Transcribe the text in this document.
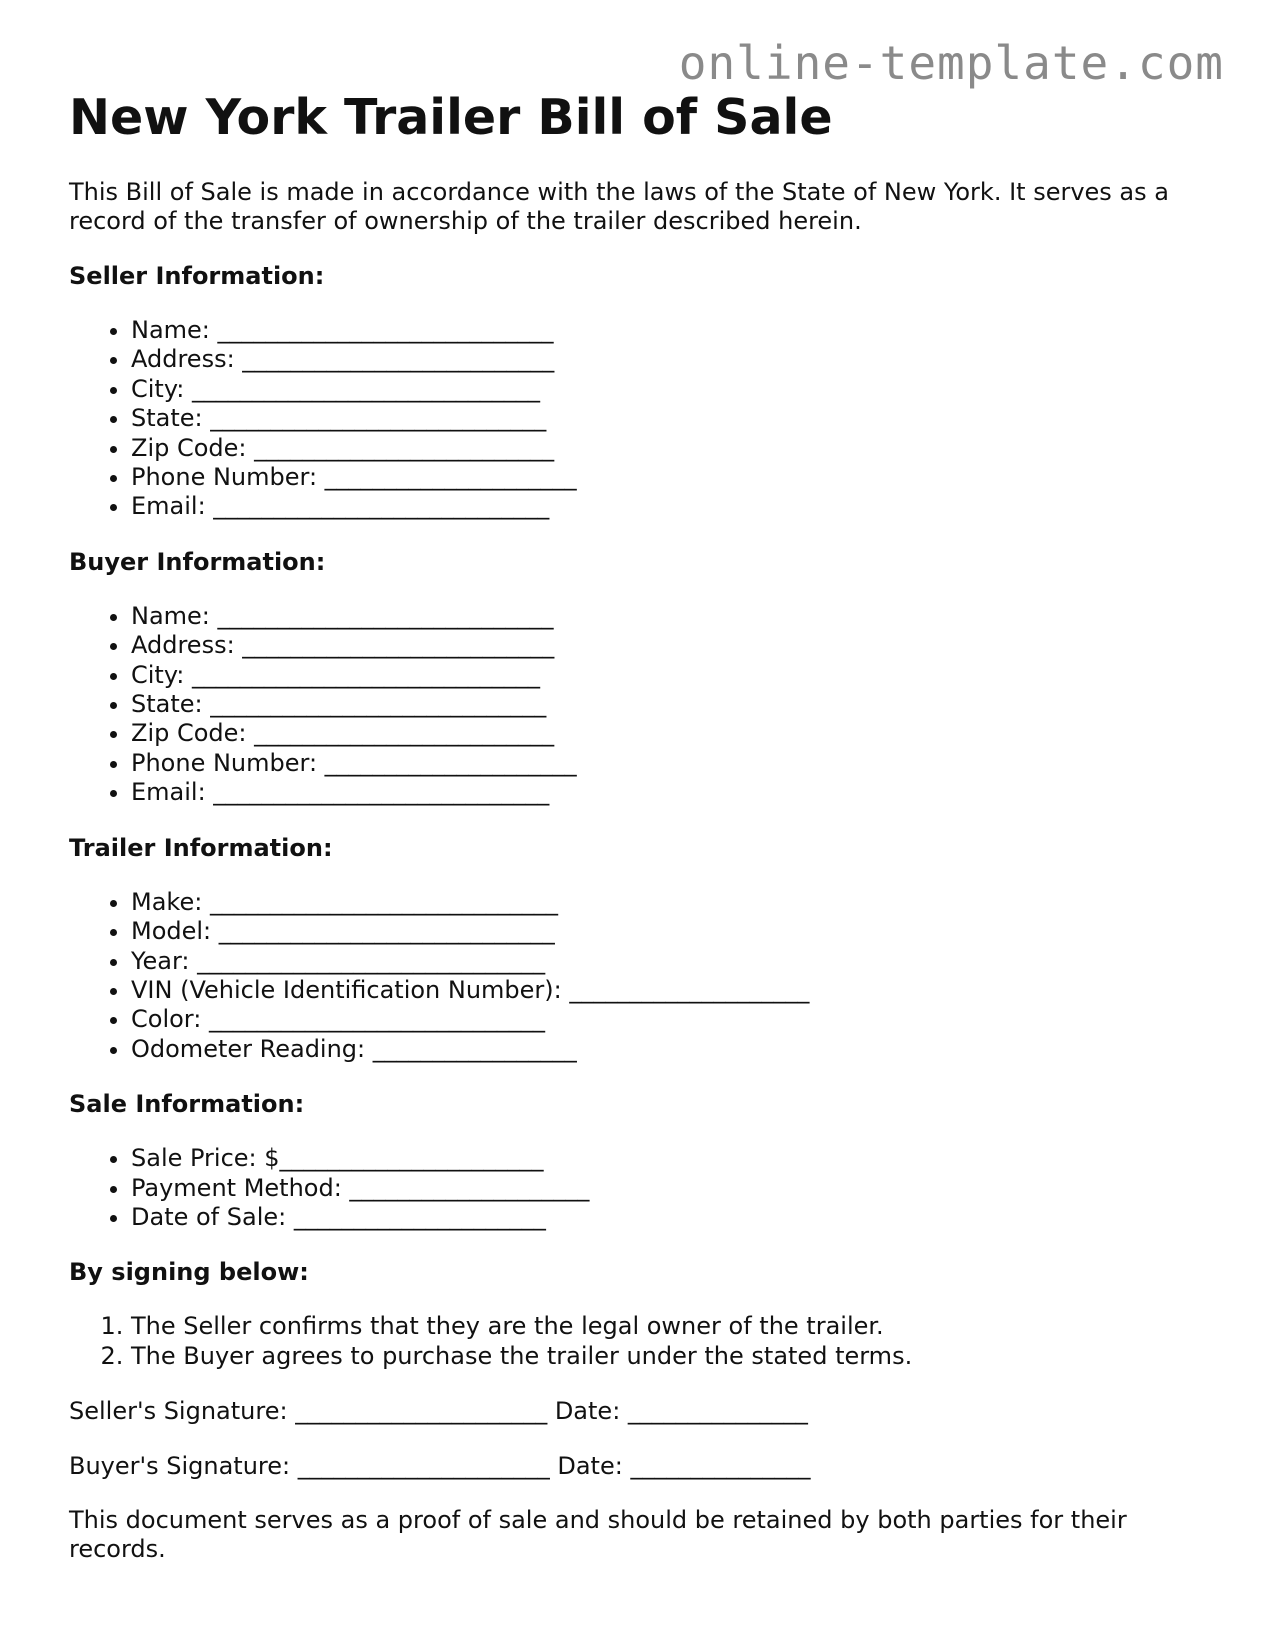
online-template.com
New York Trailer Bill of Sale

This Bill of Sale is made in accordance with the laws of the State of New York. It serves as a record of the transfer of ownership of the trailer described herein.

Seller Information:
• Name: ____________________________
• Address: __________________________
• City: _____________________________
• State: ____________________________
• Zip Code: _________________________
• Phone Number: _____________________
• Email: ____________________________
Buyer Information:
• Name: ____________________________
• Address: __________________________
• City: _____________________________
• State: ____________________________
• Zip Code: _________________________
• Phone Number: _____________________
• Email: ____________________________
Trailer Information:
• Make: _____________________________
• Model: ____________________________
• Year: _____________________________
• VIN (Vehicle Identification Number): ____________________
• Color: ____________________________
• Odometer Reading: _________________
Sale Information:
• Sale Price: $______________________
• Payment Method: ____________________
• Date of Sale: _____________________
By signing below:
1. The Seller confirms that they are the legal owner of the trailer.
2. The Buyer agrees to purchase the trailer under the stated terms.

Seller's Signature: _____________________ Date: _______________

Buyer's Signature: _____________________ Date: _______________

This document serves as a proof of sale and should be retained by both parties for their records.
